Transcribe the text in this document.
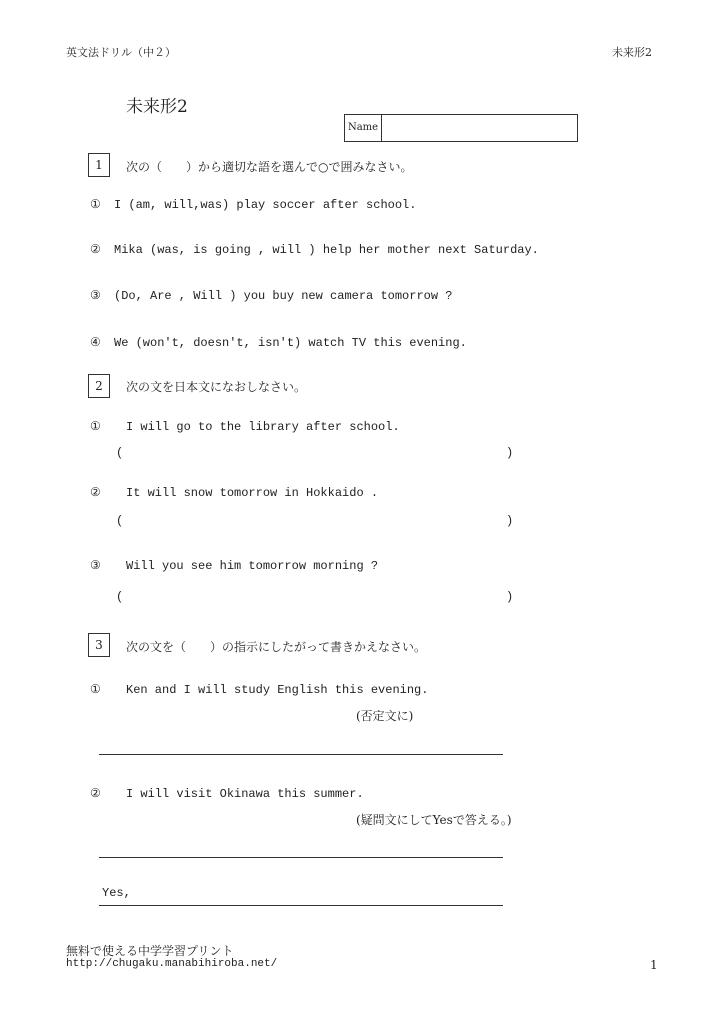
英文法ドリル（中２）	未来形2
未来形2
Name
1	次の（　　）から適切な語を選んで○で囲みなさい。
① I (am, will,was) play soccer after school.
② Mika (was, is going , will ) help her mother next Saturday.
③ (Do, Are , Will ) you buy new camera tomorrow ?
④ We (won't, doesn't, isn't) watch TV this evening.
2	次の文を日本文になおしなさい。
① I will go to the library after school.
(	)
② It will snow tomorrow in Hokkaido .
(	)
③ Will you see him tomorrow morning ?
(	)
3	次の文を（　　）の指示にしたがって書きかえなさい。
① Ken and I will study English this evening.
(否定文に)
② I will visit Okinawa this summer.
(疑問文にしてYesで答える。)
Yes,
無料で使える中学学習プリント
http://chugaku.manabihiroba.net/	1
